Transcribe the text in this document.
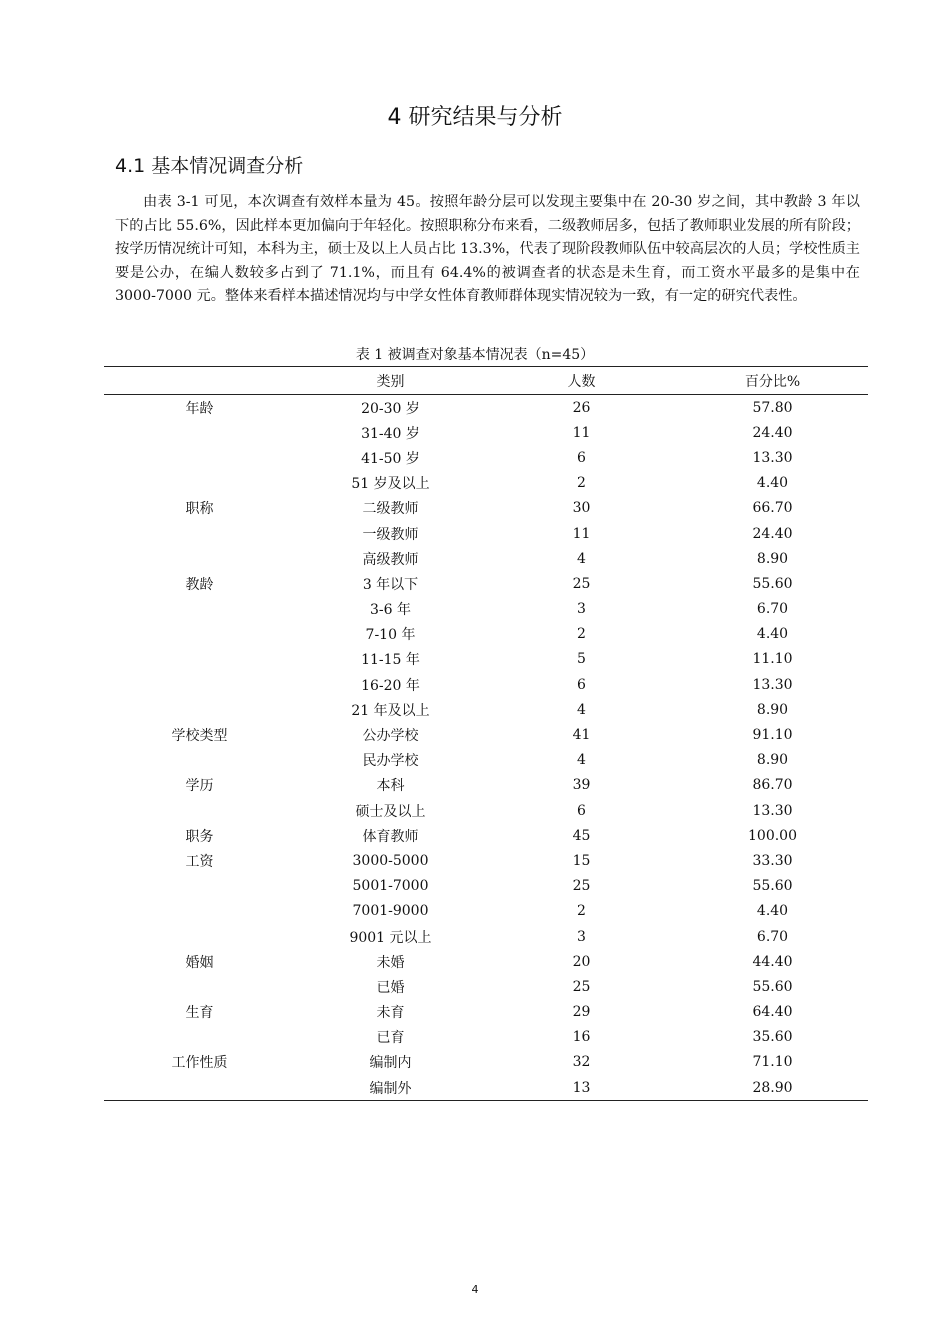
4 研究结果与分析
4.1 基本情况调查分析

由表 3-1 可见，本次调查有效样本量为 45。按照年龄分层可以发现主要集中在 20-30 岁之间，其中教龄 3 年以下的占比 55.6%，因此样本更加偏向于年轻化。按照职称分布来看，二级教师居多，包括了教师职业发展的所有阶段；按学历情况统计可知，本科为主，硕士及以上人员占比 13.3%，代表了现阶段教师队伍中较高层次的人员；学校性质主要是公办，在编人数较多占到了 71.1%，而且有 64.4%的被调查者的状态是未生育，而工资水平最多的是集中在 3000-7000 元。整体来看样本描述情况均与中学女性体育教师群体现实情况较为一致，有一定的研究代表性。

表 1 被调查对象基本情况表（n=45）
	类别	人数	百分比%
年龄	20-30 岁	26	57.80
	31-40 岁	11	24.40
	41-50 岁	6	13.30
	51 岁及以上	2	4.40
职称	二级教师	30	66.70
	一级教师	11	24.40
	高级教师	4	8.90
教龄	3 年以下	25	55.60
	3-6 年	3	6.70
	7-10 年	2	4.40
	11-15 年	5	11.10
	16-20 年	6	13.30
	21 年及以上	4	8.90
学校类型	公办学校	41	91.10
	民办学校	4	8.90
学历	本科	39	86.70
	硕士及以上	6	13.30
职务	体育教师	45	100.00
工资	3000-5000	15	33.30
	5001-7000	25	55.60
	7001-9000	2	4.40
	9001 元以上	3	6.70
婚姻	未婚	20	44.40
	已婚	25	55.60
生育	未育	29	64.40
	已育	16	35.60
工作性质	编制内	32	71.10
	编制外	13	28.90
4
